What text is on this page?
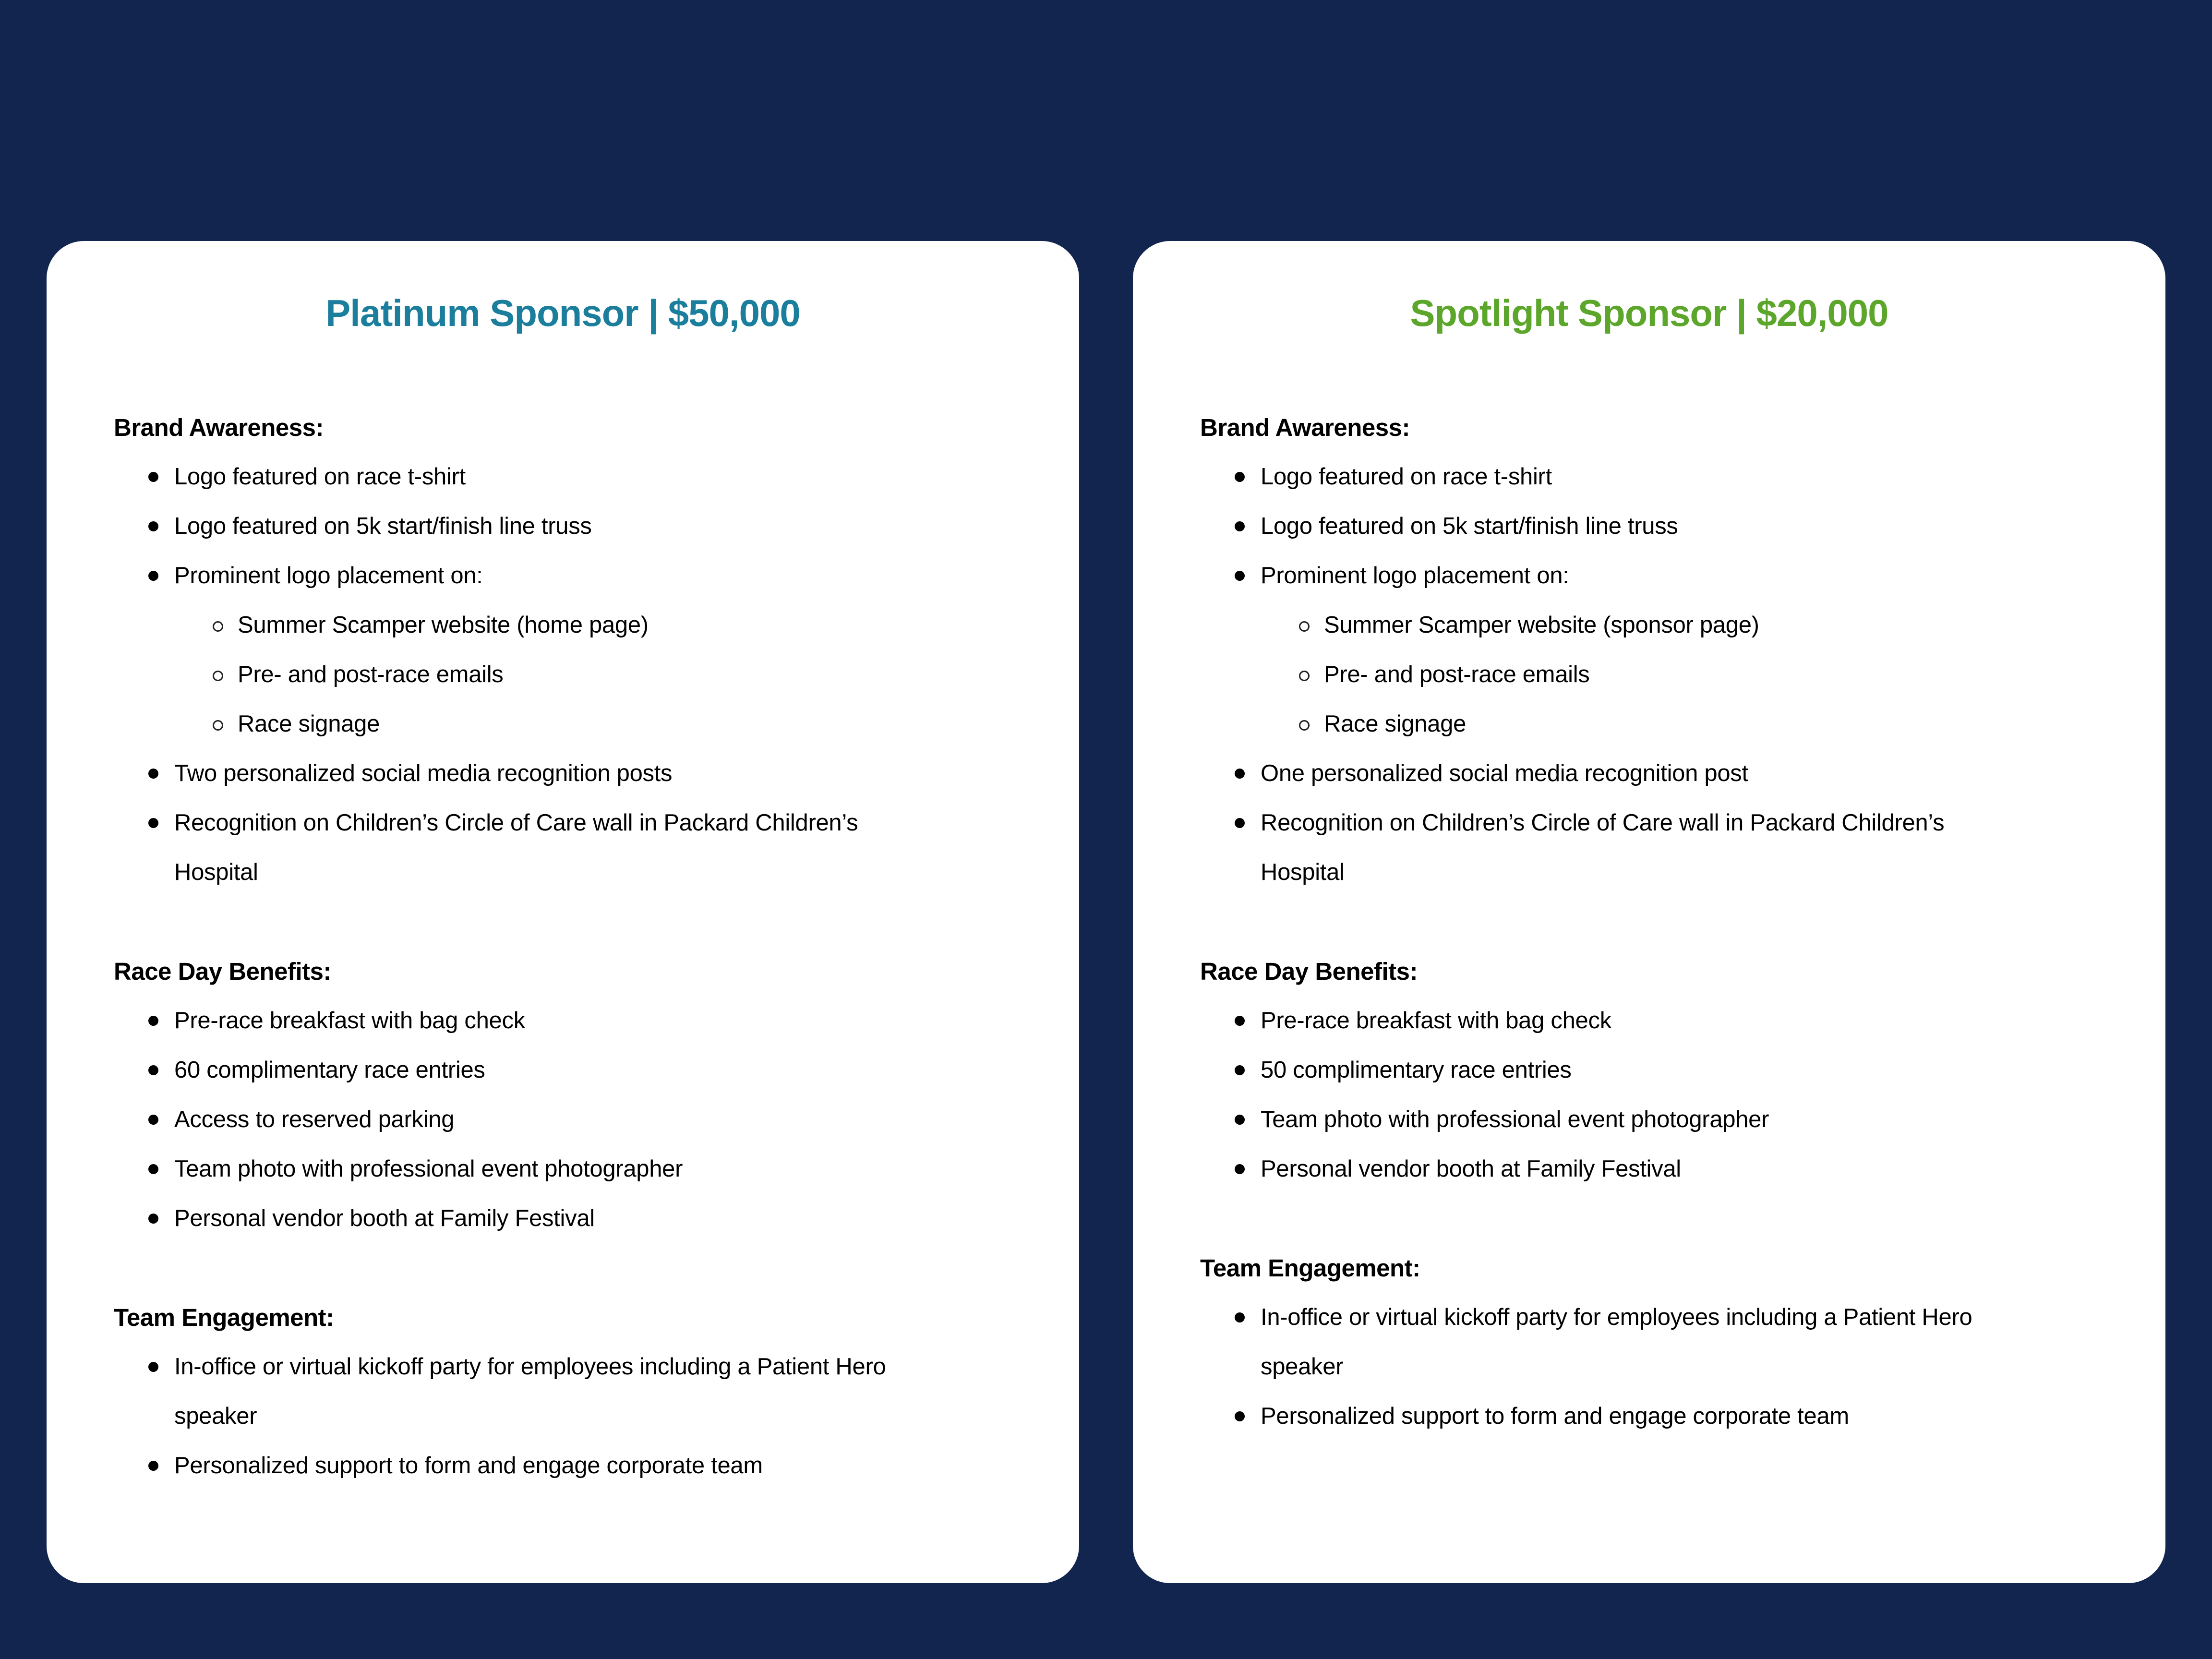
Platinum Sponsor | $50,000
Brand Awareness:
Logo featured on race t-shirt
Logo featured on 5k start/finish line truss
Prominent logo placement on:
Summer Scamper website (home page)
Pre- and post-race emails
Race signage
Two personalized social media recognition posts
Recognition on Children’s Circle of Care wall in Packard Children’s Hospital
Race Day Benefits:
Pre-race breakfast with bag check
60 complimentary race entries
Access to reserved parking
Team photo with professional event photographer
Personal vendor booth at Family Festival
Team Engagement:
In-office or virtual kickoff party for employees including a Patient Hero speaker
Personalized support to form and engage corporate team
Spotlight Sponsor | $20,000
Brand Awareness:
Logo featured on race t-shirt
Logo featured on 5k start/finish line truss
Prominent logo placement on:
Summer Scamper website (sponsor page)
Pre- and post-race emails
Race signage
One personalized social media recognition post
Recognition on Children’s Circle of Care wall in Packard Children’s Hospital
Race Day Benefits:
Pre-race breakfast with bag check
50 complimentary race entries
Team photo with professional event photographer
Personal vendor booth at Family Festival
Team Engagement:
In-office or virtual kickoff party for employees including a Patient Hero speaker
Personalized support to form and engage corporate team
